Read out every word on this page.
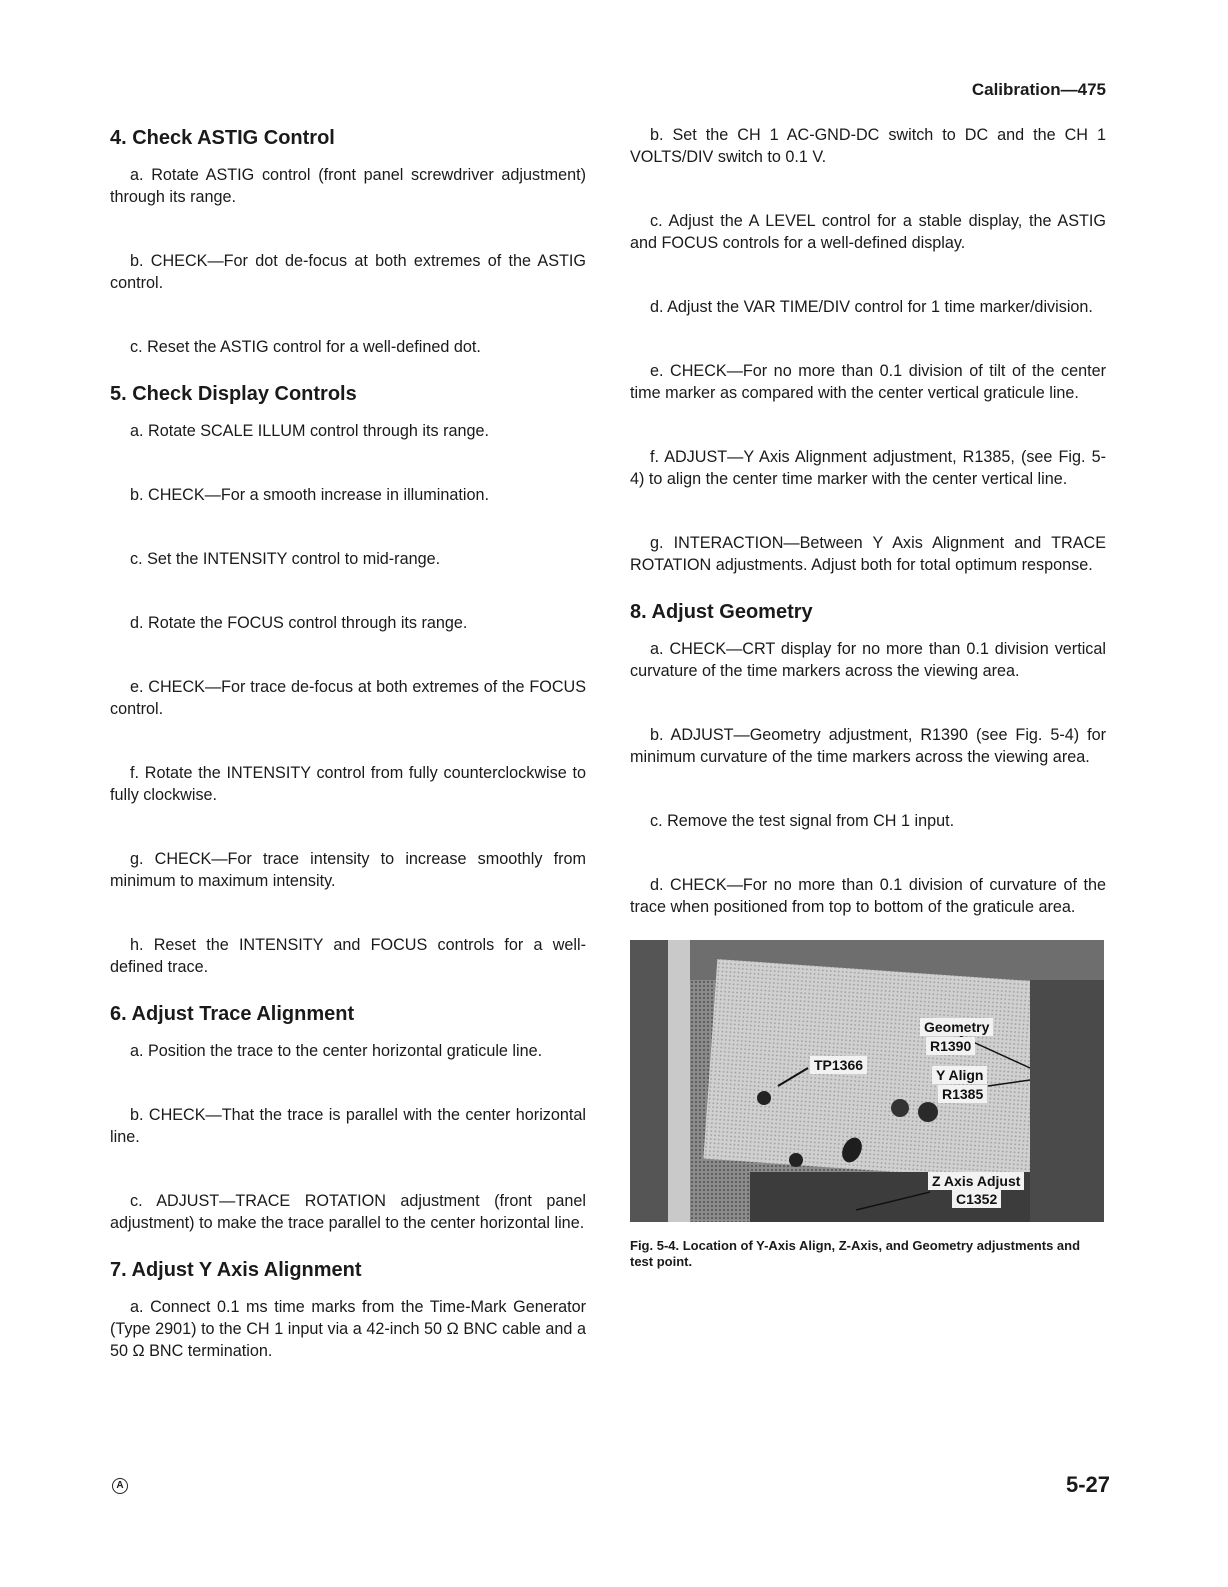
Calibration—475
4. Check ASTIG Control

a. Rotate ASTIG control (front panel screwdriver adjustment) through its range.

b. CHECK—For dot de-focus at both extremes of the ASTIG control.

c. Reset the ASTIG control for a well-defined dot.

5. Check Display Controls

a. Rotate SCALE ILLUM control through its range.

b. CHECK—For a smooth increase in illumination.

c. Set the INTENSITY control to mid-range.

d. Rotate the FOCUS control through its range.

e. CHECK—For trace de-focus at both extremes of the FOCUS control.

f. Rotate the INTENSITY control from fully counterclockwise to fully clockwise.

g. CHECK—For trace intensity to increase smoothly from minimum to maximum intensity.

h. Reset the INTENSITY and FOCUS controls for a well-defined trace.

6. Adjust Trace Alignment

a. Position the trace to the center horizontal graticule line.

b. CHECK—That the trace is parallel with the center horizontal line.

c. ADJUST—TRACE ROTATION adjustment (front panel adjustment) to make the trace parallel to the center horizontal line.

7. Adjust Y Axis Alignment

a. Connect 0.1 ms time marks from the Time-Mark Generator (Type 2901) to the CH 1 input via a 42-inch 50 Ω BNC cable and a 50 Ω BNC termination.

b. Set the CH 1 AC-GND-DC switch to DC and the CH 1 VOLTS/DIV switch to 0.1 V.

c. Adjust the A LEVEL control for a stable display, the ASTIG and FOCUS controls for a well-defined display.

d. Adjust the VAR TIME/DIV control for 1 time marker/division.

e. CHECK—For no more than 0.1 division of tilt of the center time marker as compared with the center vertical graticule line.

f. ADJUST—Y Axis Alignment adjustment, R1385, (see Fig. 5-4) to align the center time marker with the center vertical line.

g. INTERACTION—Between Y Axis Alignment and TRACE ROTATION adjustments. Adjust both for total optimum response.

8. Adjust Geometry

a. CHECK—CRT display for no more than 0.1 division vertical curvature of the time markers across the viewing area.

b. ADJUST—Geometry adjustment, R1390 (see Fig. 5-4) for minimum curvature of the time markers across the viewing area.

c. Remove the test signal from CH 1 input.

d. CHECK—For no more than 0.1 division of curvature of the trace when positioned from top to bottom of the graticule area.

Geometry
R1390
TP1366
Y Align
R1385
Z Axis Adjust
C1352
Fig. 5-4. Location of Y-Axis Align, Z-Axis, and Geometry adjustments and test point.
A	5-27
